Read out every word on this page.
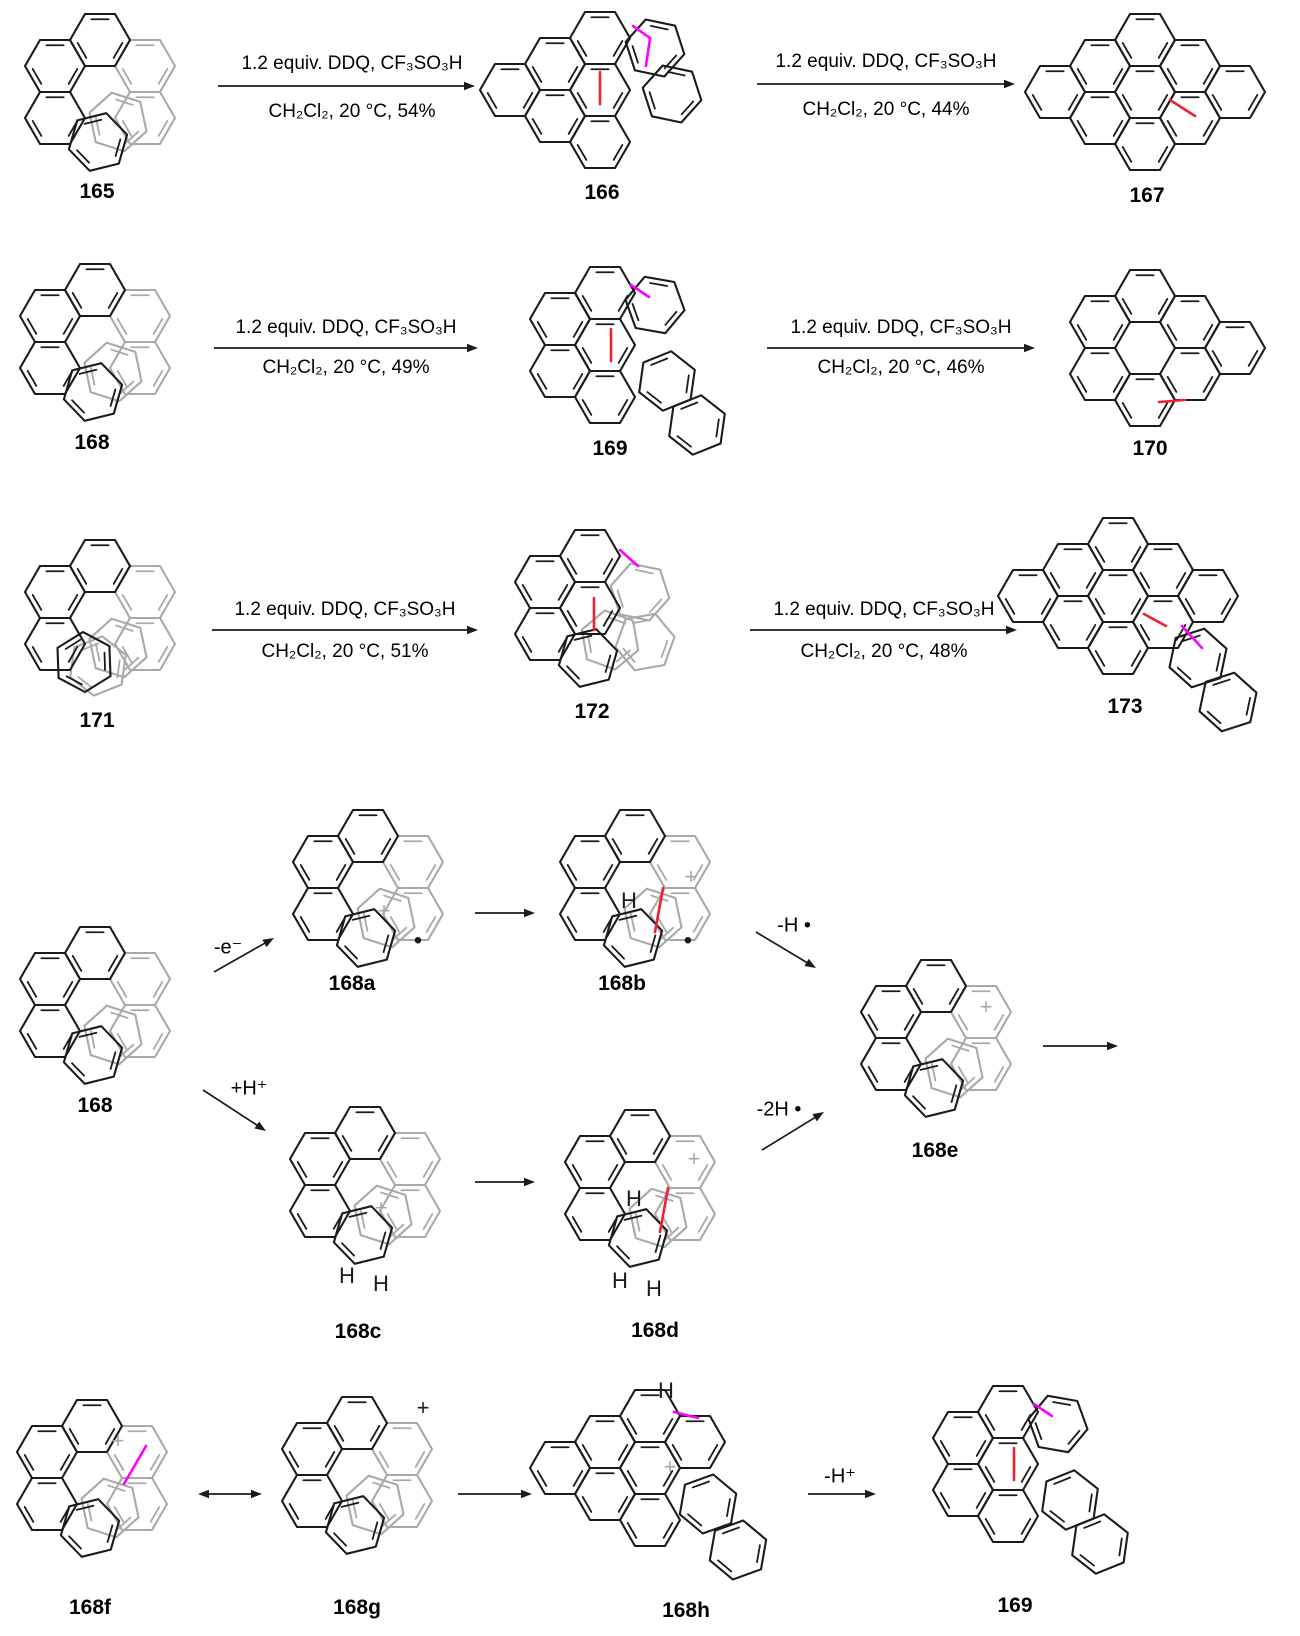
165	166	167
168	169	170
171	172	173
168
+
•
168a
H
+
•
168b
+
168e
+
H H
168c
H
+
H H
168d
+
168f
+
168g
H
+
168h	169
1.2 equiv. DDQ, CF₃SO₃H
CH₂Cl₂, 20 °C, 54%
1.2 equiv. DDQ, CF₃SO₃H
CH₂Cl₂, 20 °C, 44%
1.2 equiv. DDQ, CF₃SO₃H
CH₂Cl₂, 20 °C, 49%
1.2 equiv. DDQ, CF₃SO₃H
CH₂Cl₂, 20 °C, 46%
1.2 equiv. DDQ, CF₃SO₃H
CH₂Cl₂, 20 °C, 51%
1.2 equiv. DDQ, CF₃SO₃H
CH₂Cl₂, 20 °C, 48%
-e⁻
+H⁺
-H •
-2H •
-H⁺
